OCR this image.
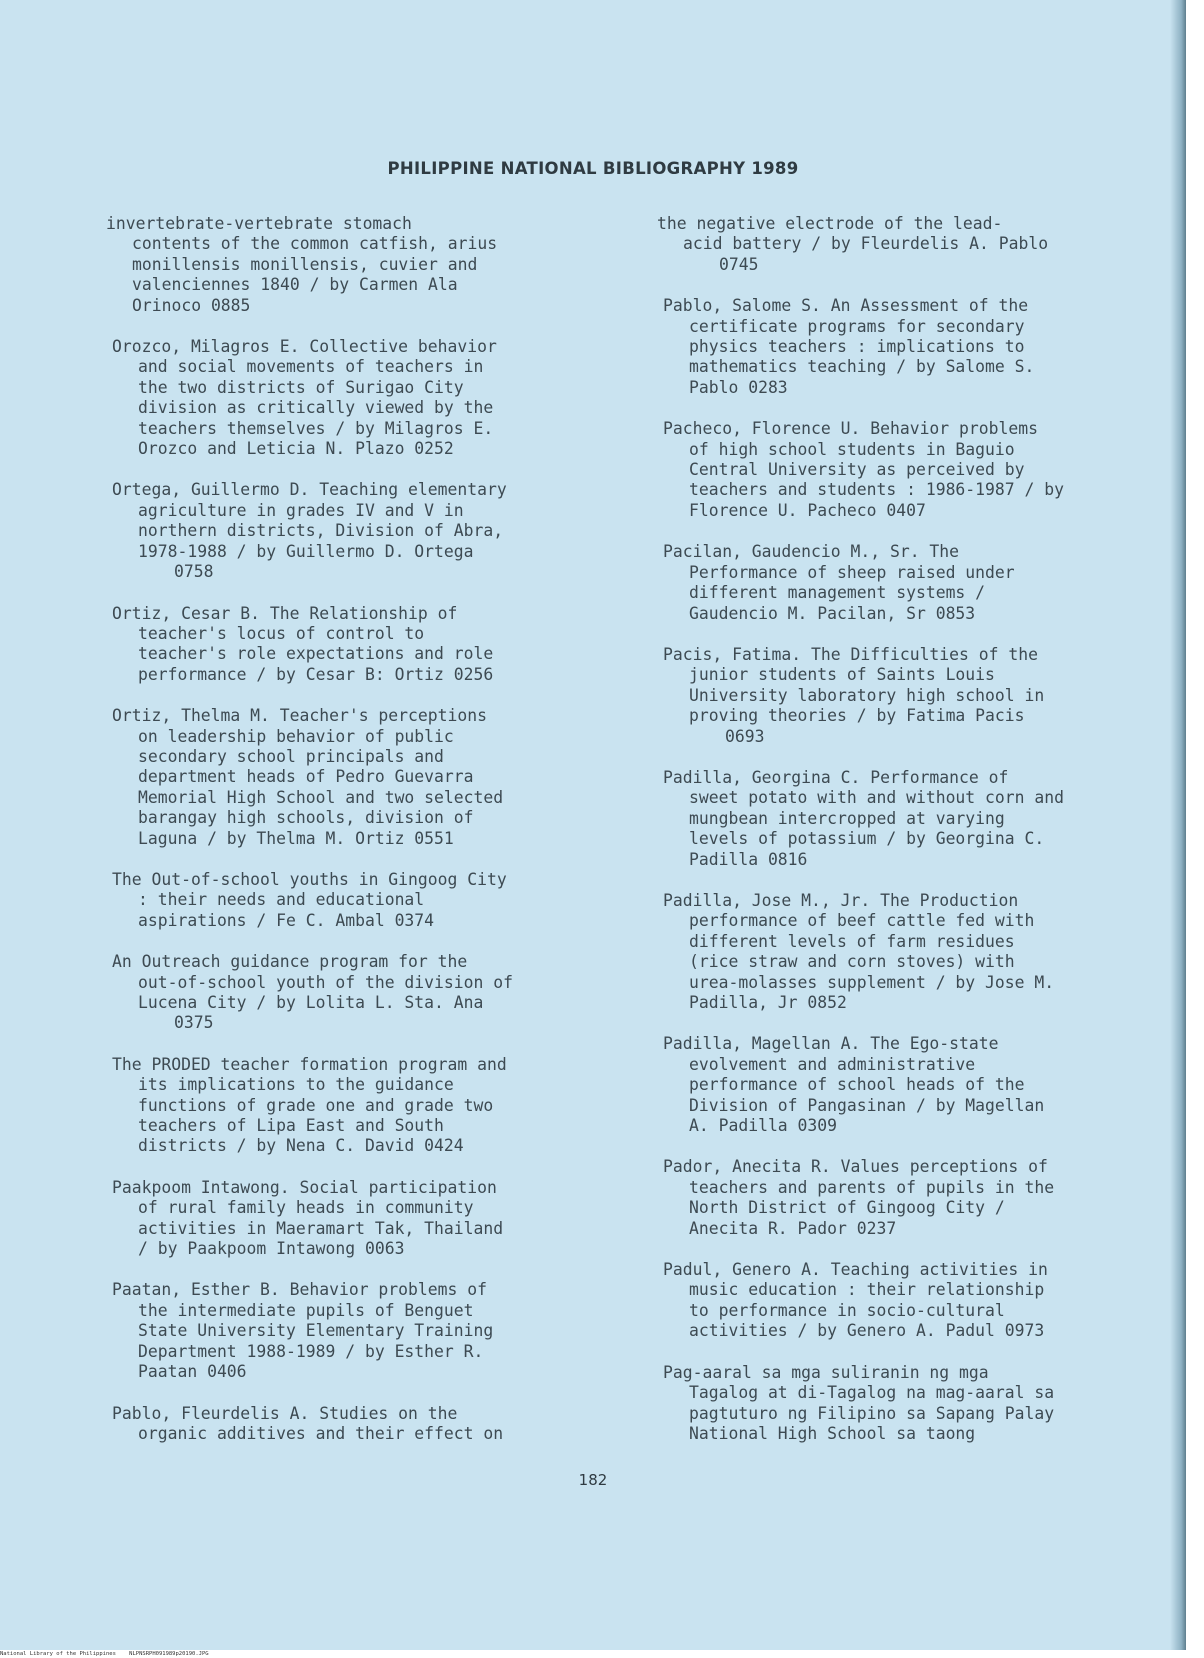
PHILIPPINE NATIONAL BIBLIOGRAPHY 1989

invertebrate-vertebrate stomach
contents of the common catfish, arius
monillensis monillensis, cuvier and
valenciennes 1840 / by Carmen Ala
Orinoco 0885

Orozco, Milagros E. Collective behavior
and social movements of teachers in
the two districts of Surigao City
division as critically viewed by the
teachers themselves / by Milagros E.
Orozco and Leticia N. Plazo 0252

Ortega, Guillermo D. Teaching elementary
agriculture in grades IV and V in
northern districts, Division of Abra,
1978-1988 / by Guillermo D. Ortega
0758

Ortiz, Cesar B. The Relationship of
teacher's locus of control to
teacher's role expectations and role
performance / by Cesar B: Ortiz 0256

Ortiz, Thelma M. Teacher's perceptions
on leadership behavior of public
secondary school principals and
department heads of Pedro Guevarra
Memorial High School and two selected
barangay high schools, division of
Laguna / by Thelma M. Ortiz 0551

The Out-of-school youths in Gingoog City
: their needs and educational
aspirations / Fe C. Ambal 0374

An Outreach guidance program for the
out-of-school youth of the division of
Lucena City / by Lolita L. Sta. Ana
0375

The PRODED teacher formation program and
its implications to the guidance
functions of grade one and grade two
teachers of Lipa East and South
districts / by Nena C. David 0424

Paakpoom Intawong. Social participation
of rural family heads in community
activities in Maeramart Tak, Thailand
/ by Paakpoom Intawong 0063

Paatan, Esther B. Behavior problems of
the intermediate pupils of Benguet
State University Elementary Training
Department 1988-1989 / by Esther R.
Paatan 0406

Pablo, Fleurdelis A. Studies on the
organic additives and their effect on

the negative electrode of the lead-
acid battery / by Fleurdelis A. Pablo
0745

Pablo, Salome S. An Assessment of the
certificate programs for secondary
physics teachers : implications to
mathematics teaching / by Salome S.
Pablo 0283

Pacheco, Florence U. Behavior problems
of high school students in Baguio
Central University as perceived by
teachers and students : 1986-1987 / by
Florence U. Pacheco 0407

Pacilan, Gaudencio M., Sr. The
Performance of sheep raised under
different management systems /
Gaudencio M. Pacilan, Sr 0853

Pacis, Fatima. The Difficulties of the
junior students of Saints Louis
University laboratory high school in
proving theories / by Fatima Pacis
0693

Padilla, Georgina C. Performance of
sweet potato with and without corn and
mungbean intercropped at varying
levels of potassium / by Georgina C.
Padilla 0816

Padilla, Jose M., Jr. The Production
performance of beef cattle fed with
different levels of farm residues
(rice straw and corn stoves) with
urea-molasses supplement / by Jose M.
Padilla, Jr 0852

Padilla, Magellan A. The Ego-state
evolvement and administrative
performance of school heads of the
Division of Pangasinan / by Magellan
A. Padilla 0309

Pador, Anecita R. Values perceptions of
teachers and parents of pupils in the
North District of Gingoog City /
Anecita R. Pador 0237

Padul, Genero A. Teaching activities in
music education : their relationship
to performance in socio-cultural
activities / by Genero A. Padul 0973

Pag-aaral sa mga suliranin ng mga
Tagalog at di-Tagalog na mag-aaral sa
pagtuturo ng Filipino sa Sapang Palay
National High School sa taong

182
National Library of the Philippines    NLPNSRPH091989p20190.JPG
